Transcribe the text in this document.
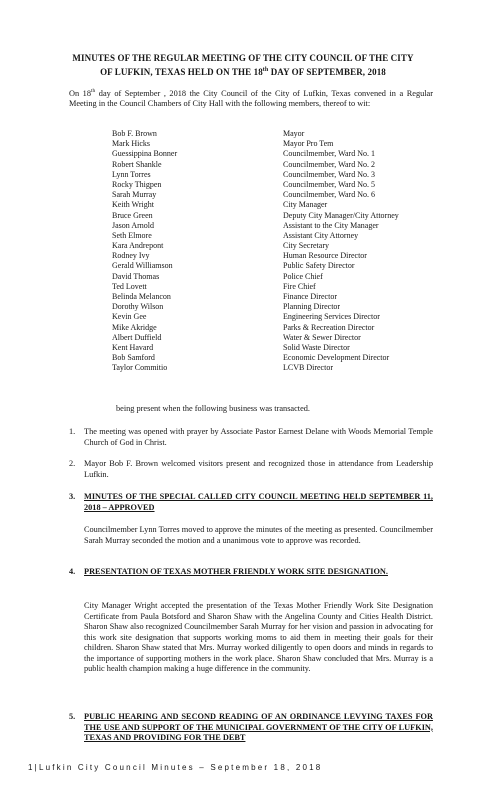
MINUTES OF THE REGULAR MEETING OF THE CITY COUNCIL OF THE CITY
OF LUFKIN, TEXAS HELD ON THE 18th DAY OF SEPTEMBER, 2018
On 18th day of September , 2018 the City Council of the City of Lufkin, Texas convened in a Regular Meeting in the Council Chambers of City Hall with the following members, thereof to wit:
Bob F. Brown	Mayor
Mark Hicks	Mayor Pro Tem
Guessippina Bonner	Councilmember, Ward No. 1
Robert Shankle	Councilmember, Ward No. 2
Lynn Torres	Councilmember, Ward No. 3
Rocky Thigpen	Councilmember, Ward No. 5
Sarah Murray	Councilmember, Ward No. 6
Keith Wright	City Manager
Bruce Green	Deputy City Manager/City Attorney
Jason Arnold	Assistant to the City Manager
Seth Elmore	Assistant City Attorney
Kara Andrepont	City Secretary
Rodney Ivy	Human Resource Director
Gerald Williamson	Public Safety Director
David Thomas	Police Chief
Ted Lovett	Fire Chief
Belinda Melancon	Finance Director
Dorothy Wilson	Planning Director
Kevin Gee	Engineering Services Director
Mike Akridge	Parks & Recreation Director
Albert Duffield	Water & Sewer Director
Kent Havard	Solid Waste Director
Bob Samford	Economic Development Director
Taylor Commitio	LCVB Director
being present when the following business was transacted.
1. The meeting was opened with prayer by Associate Pastor Earnest Delane with Woods Memorial Temple Church of God in Christ.
2. Mayor Bob F. Brown welcomed visitors present and recognized those in attendance from Leadership Lufkin.
3. MINUTES OF THE SPECIAL CALLED CITY COUNCIL MEETING HELD SEPTEMBER 11, 2018 – APPROVED
Councilmember Lynn Torres moved to approve the minutes of the meeting as presented. Councilmember Sarah Murray seconded the motion and a unanimous vote to approve was recorded.
4. PRESENTATION OF TEXAS MOTHER FRIENDLY WORK SITE DESIGNATION.
City Manager Wright accepted the presentation of the Texas Mother Friendly Work Site Designation Certificate from Paula Botsford and Sharon Shaw with the Angelina County and Cities Health District. Sharon Shaw also recognized Councilmember Sarah Murray for her vision and passion in advocating for this work site designation that supports working moms to aid them in meeting their goals for their children. Sharon Shaw stated that Mrs. Murray worked diligently to open doors and minds in regards to the importance of supporting mothers in the work place. Sharon Shaw concluded that Mrs. Murray is a public health champion making a huge difference in the community.
5. PUBLIC HEARING AND SECOND READING OF AN ORDINANCE LEVYING TAXES FOR THE USE AND SUPPORT OF THE MUNICIPAL GOVERNMENT OF THE CITY OF LUFKIN, TEXAS AND PROVIDING FOR THE DEBT
1|Lufkin City Council Minutes – September 18, 2018
